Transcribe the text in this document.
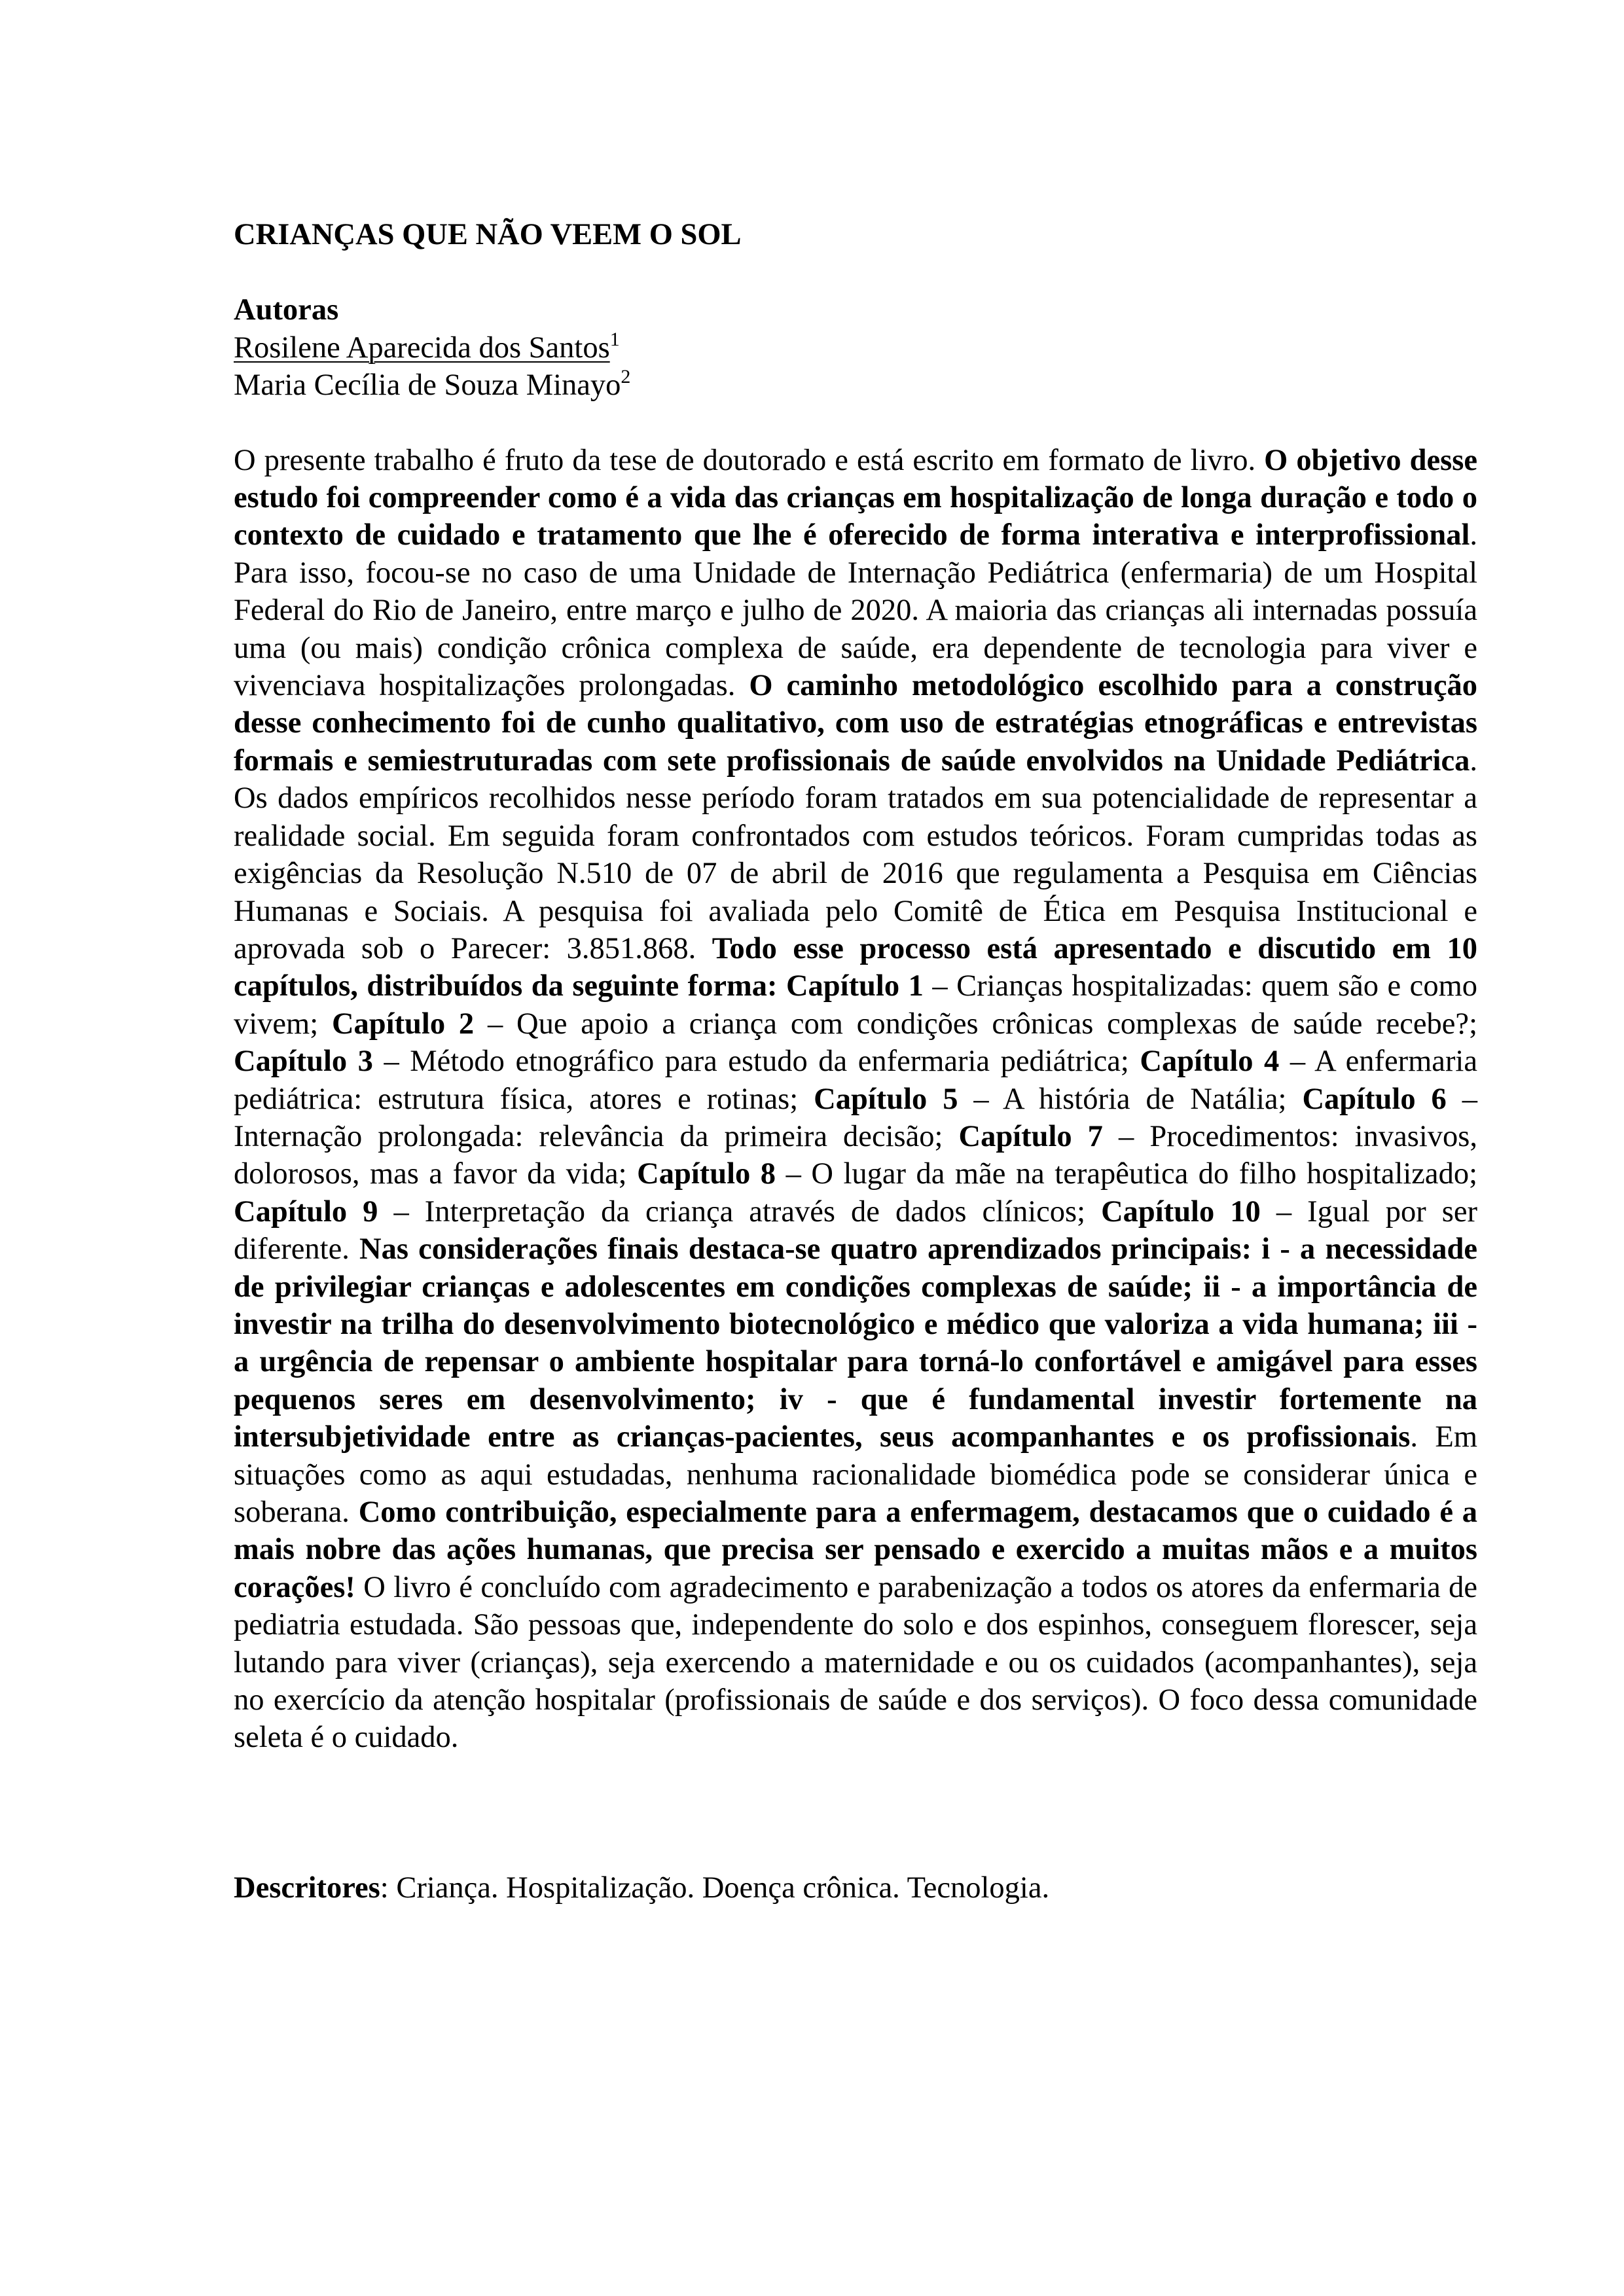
CRIANÇAS QUE NÃO VEEM O SOL
Autoras
Rosilene Aparecida dos Santos$^1$
Maria Cecília de Souza Minayo$^2$
O presente trabalho é fruto da tese de doutorado e está escrito em formato de livro. O objetivo desse estudo foi compreender como é a vida das crianças em hospitalização de longa duração e todo o contexto de cuidado e tratamento que lhe é oferecido de forma interativa e interprofissional. Para isso, focou-se no caso de uma Unidade de Internação Pediátrica (enfermaria) de um Hospital Federal do Rio de Janeiro, entre março e julho de 2020. A maioria das crianças ali internadas possuía uma (ou mais) condição crônica complexa de saúde, era dependente de tecnologia para viver e vivenciava hospitalizações prolongadas. O caminho metodológico escolhido para a construção desse conhecimento foi de cunho qualitativo, com uso de estratégias etnográficas e entrevistas formais e semiestruturadas com sete profissionais de saúde envolvidos na Unidade Pediátrica. Os dados empíricos recolhidos nesse período foram tratados em sua potencialidade de representar a realidade social. Em seguida foram confrontados com estudos teóricos. Foram cumpridas todas as exigências da Resolução N.510 de 07 de abril de 2016 que regulamenta a Pesquisa em Ciências Humanas e Sociais. A pesquisa foi avaliada pelo Comitê de Ética em Pesquisa Institucional e aprovada sob o Parecer: 3.851.868. Todo esse processo está apresentado e discutido em 10 capítulos, distribuídos da seguinte forma: Capítulo 1 – Crianças hospitalizadas: quem são e como vivem; Capítulo 2 – Que apoio a criança com condições crônicas complexas de saúde recebe?; Capítulo 3 – Método etnográfico para estudo da enfermaria pediátrica; Capítulo 4 – A enfermaria pediátrica: estrutura física, atores e rotinas; Capítulo 5 – A história de Natália; Capítulo 6 – Internação prolongada: relevância da primeira decisão; Capítulo 7 – Procedimentos: invasivos, dolorosos, mas a favor da vida; Capítulo 8 – O lugar da mãe na terapêutica do filho hospitalizado; Capítulo 9 – Interpretação da criança através de dados clínicos; Capítulo 10 – Igual por ser diferente. Nas considerações finais destaca-se quatro aprendizados principais: i - a necessidade de privilegiar crianças e adolescentes em condições complexas de saúde; ii - a importância de investir na trilha do desenvolvimento biotecnológico e médico que valoriza a vida humana; iii - a urgência de repensar o ambiente hospitalar para torná-lo confortável e amigável para esses pequenos seres em desenvolvimento; iv - que é fundamental investir fortemente na intersubjetividade entre as crianças-pacientes, seus acompanhantes e os profissionais. Em situações como as aqui estudadas, nenhuma racionalidade biomédica pode se considerar única e soberana. Como contribuição, especialmente para a enfermagem, destacamos que o cuidado é a mais nobre das ações humanas, que precisa ser pensado e exercido a muitas mãos e a muitos corações! O livro é concluído com agradecimento e parabenização a todos os atores da enfermaria de pediatria estudada. São pessoas que, independente do solo e dos espinhos, conseguem florescer, seja lutando para viver (crianças), seja exercendo a maternidade e ou os cuidados (acompanhantes), seja no exercício da atenção hospitalar (profissionais de saúde e dos serviços). O foco dessa comunidade seleta é o cuidado.
Descritores: Criança. Hospitalização. Doença crônica. Tecnologia.
